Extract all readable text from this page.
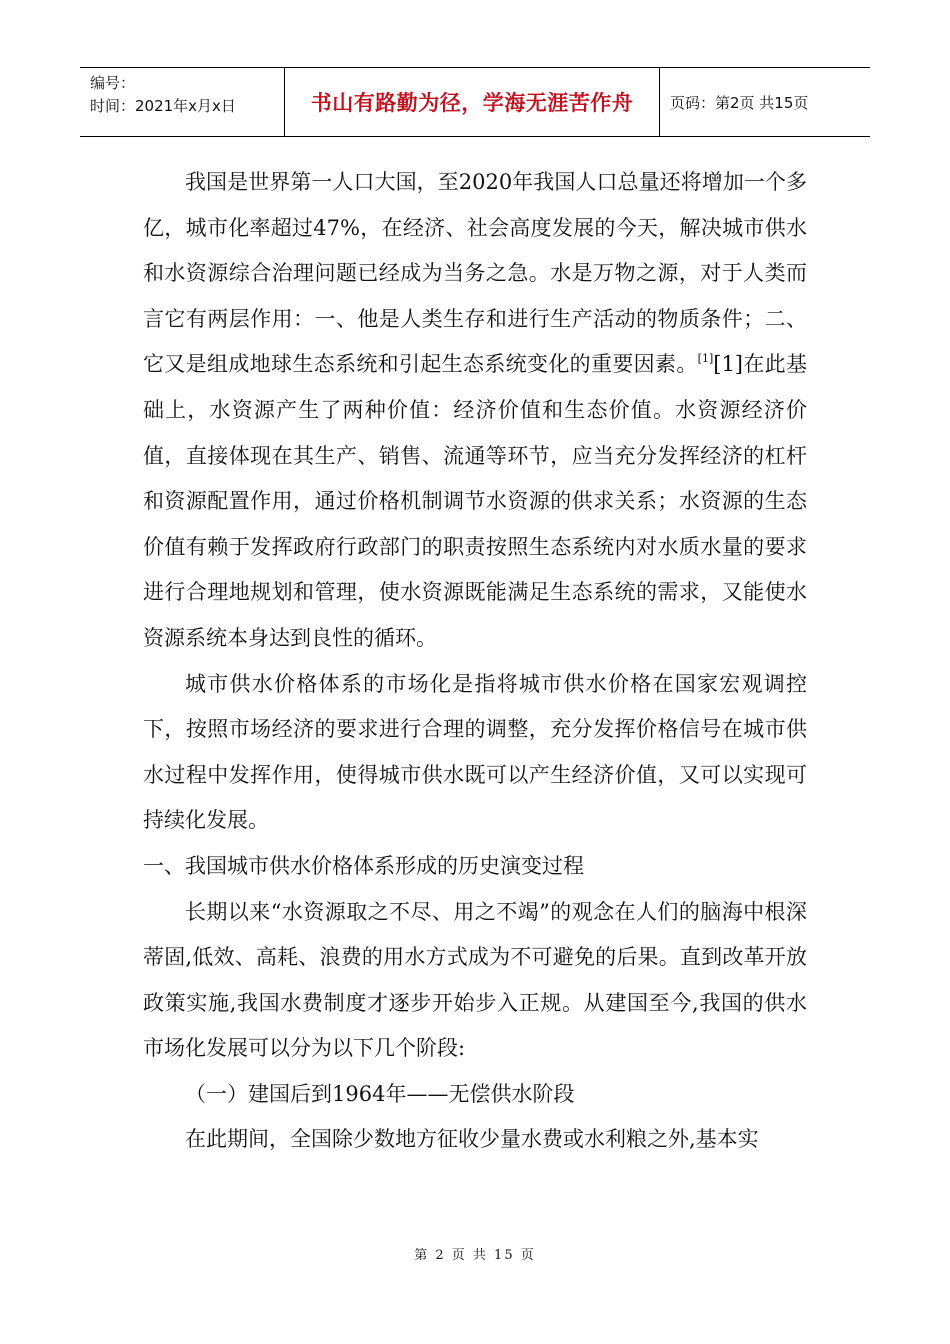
编号：
时间：2021年x月x日	书山有路勤为径，学海无涯苦作舟	页码：第2页 共15页

我国是世界第一人口大国，至2020年我国人口总量还将增加一个多亿，城市化率超过47%，在经济、社会高度发展的今天，解决城市供水和水资源综合治理问题已经成为当务之急。水是万物之源，对于人类而言它有两层作用：一、他是人类生存和进行生产活动的物质条件；二、它又是组成地球生态系统和引起生态系统变化的重要因素。[1][1]在此基础上，水资源产生了两种价值：经济价值和生态价值。水资源经济价值，直接体现在其生产、销售、流通等环节，应当充分发挥经济的杠杆和资源配置作用，通过价格机制调节水资源的供求关系；水资源的生态价值有赖于发挥政府行政部门的职责按照生态系统内对水质水量的要求进行合理地规划和管理，使水资源既能满足生态系统的需求，又能使水资源系统本身达到良性的循环。

城市供水价格体系的市场化是指将城市供水价格在国家宏观调控下，按照市场经济的要求进行合理的调整，充分发挥价格信号在城市供水过程中发挥作用，使得城市供水既可以产生经济价值，又可以实现可持续化发展。

一、我国城市供水价格体系形成的历史演变过程

长期以来“水资源取之不尽、用之不竭”的观念在人们的脑海中根深蒂固,低效、高耗、浪费的用水方式成为不可避免的后果。直到改革开放政策实施,我国水费制度才逐步开始步入正规。从建国至今,我国的供水市场化发展可以分为以下几个阶段:

（一）建国后到1964年——无偿供水阶段

在此期间，全国除少数地方征收少量水费或水利粮之外,基本实

第 2 页 共 15 页
